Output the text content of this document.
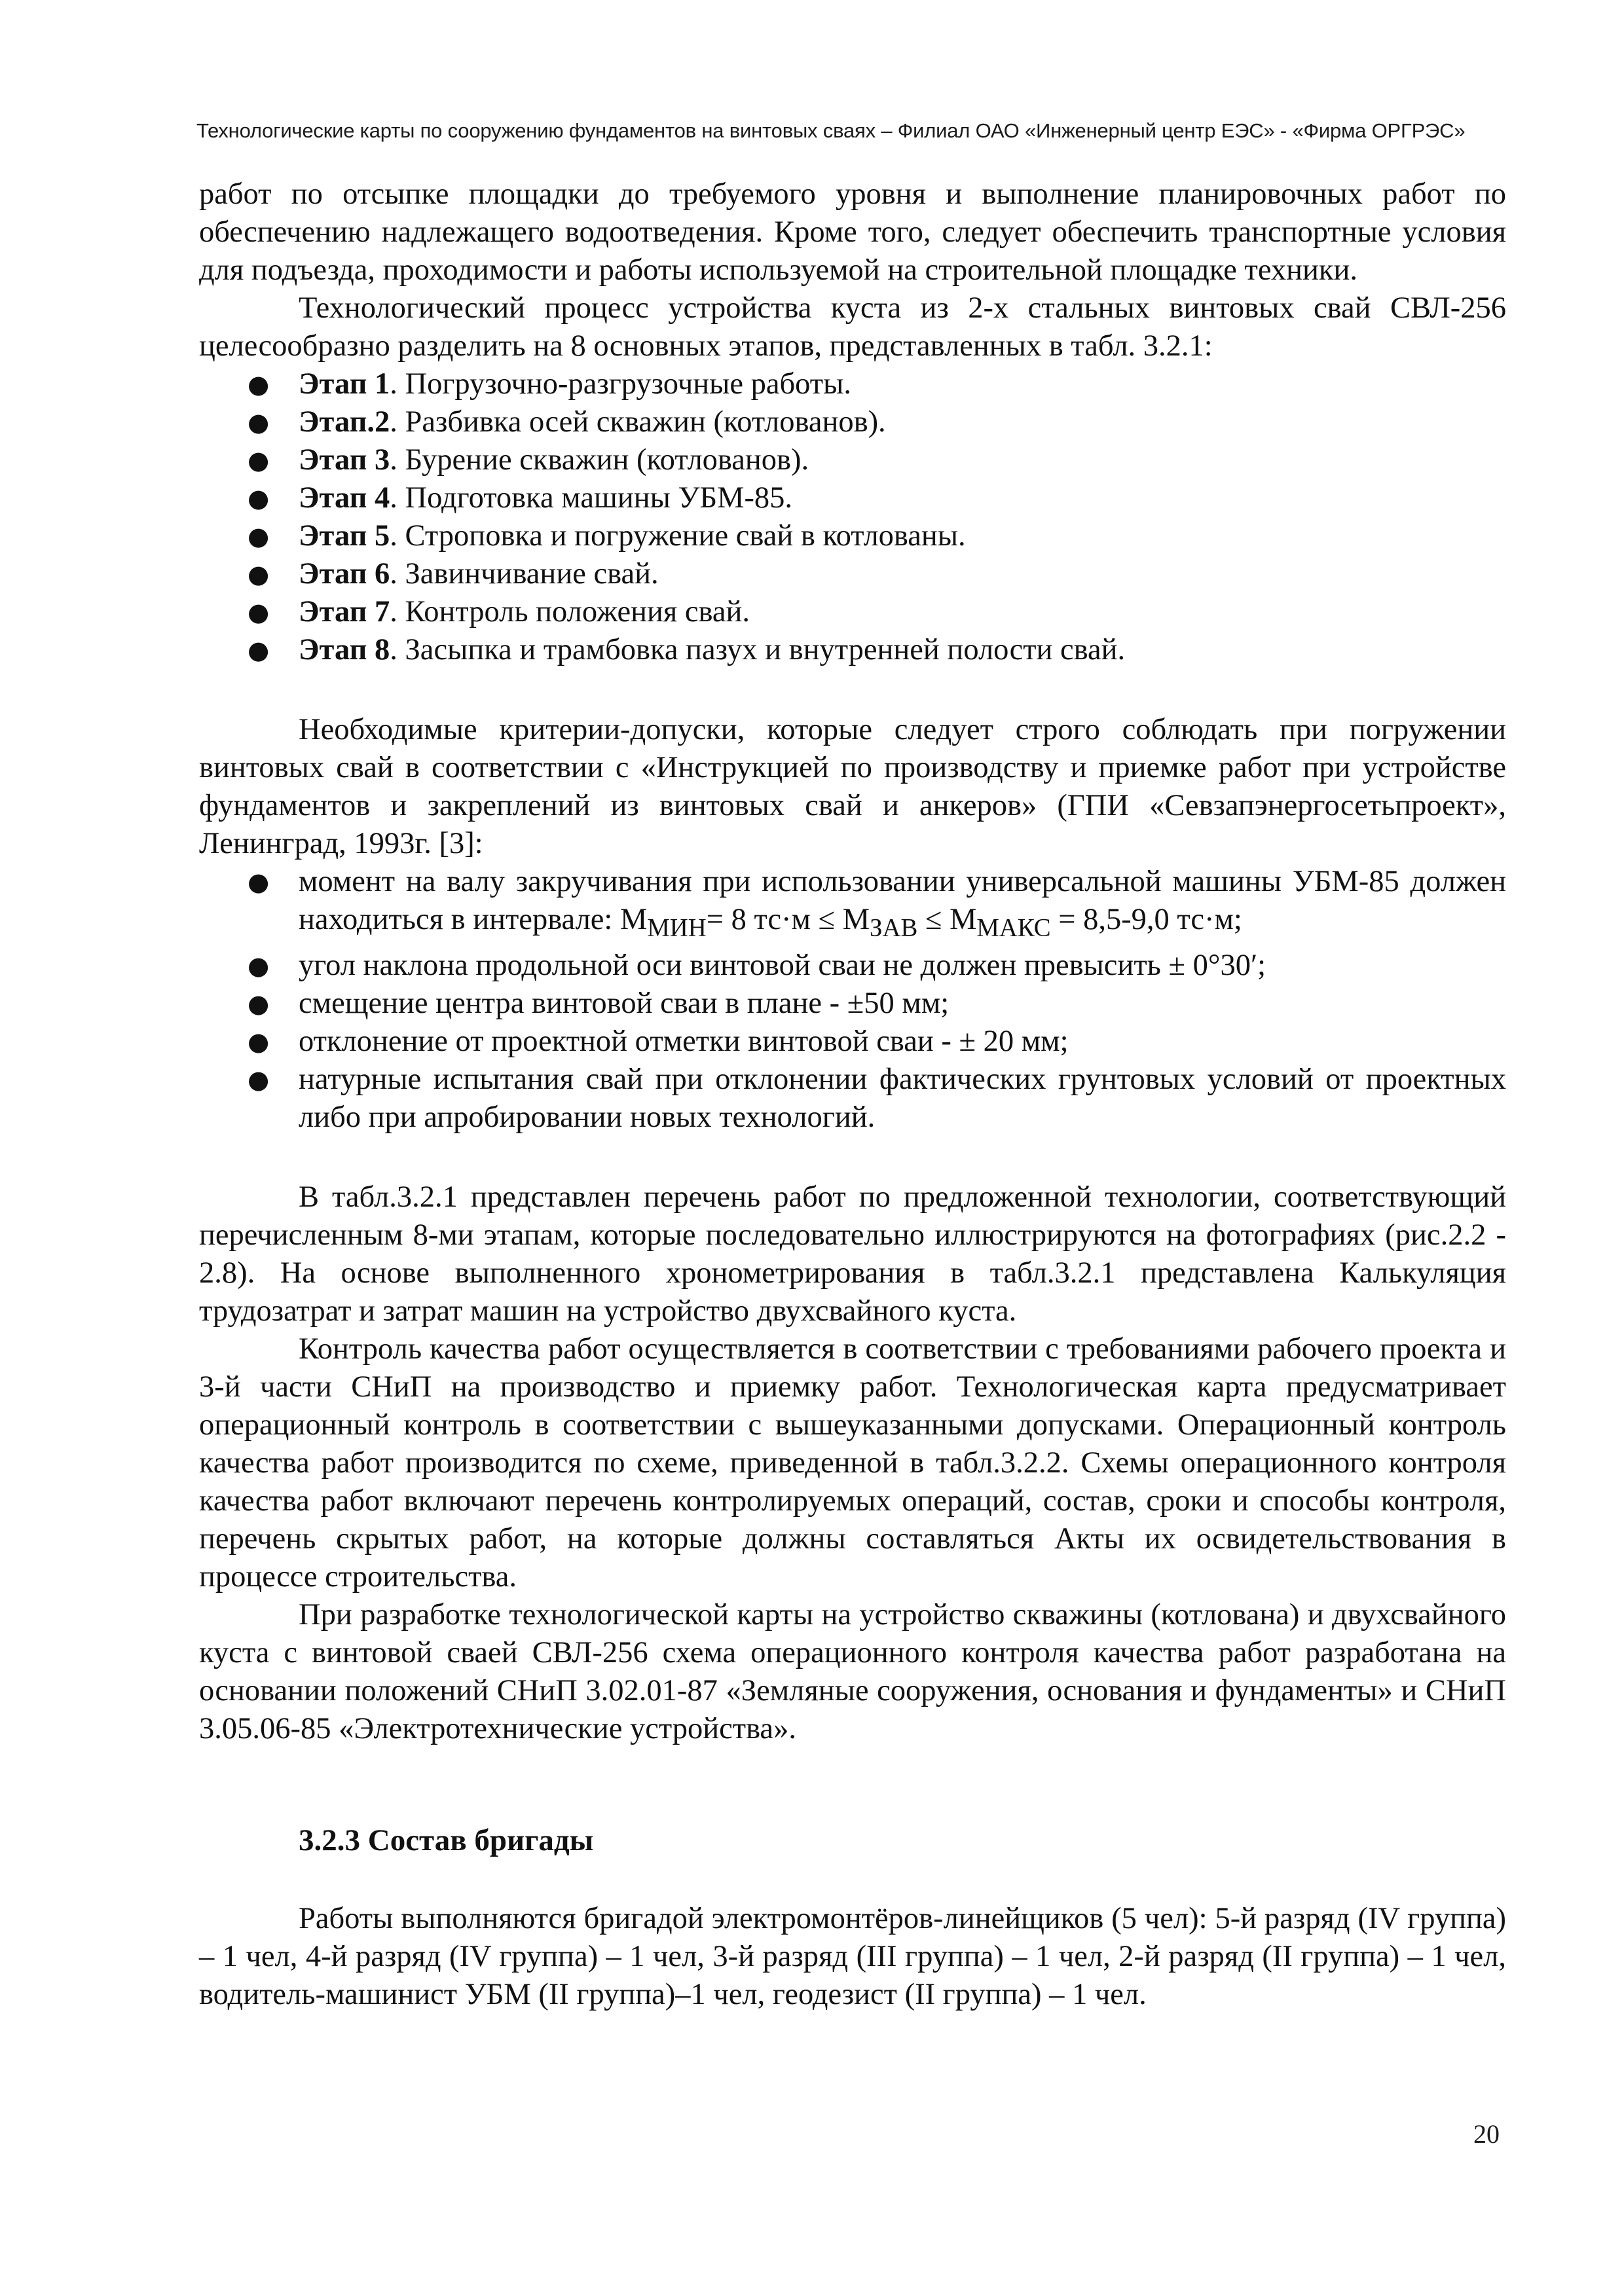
Технологические карты по сооружению фундаментов на винтовых сваях – Филиал ОАО «Инженерный центр ЕЭС» - «Фирма ОРГРЭС»

работ по отсыпке площадки до требуемого уровня и выполнение планировочных работ по обеспечению надлежащего водоотведения. Кроме того, следует обеспечить транспортные условия для подъезда, проходимости и работы используемой на строительной площадке техники.

Технологический процесс устройства куста из 2-х стальных винтовых свай СВЛ-256 целесообразно разделить на 8 основных этапов, представленных в табл. 3.2.1:

● Этап 1. Погрузочно-разгрузочные работы.
● Этап.2. Разбивка осей скважин (котлованов).
● Этап 3. Бурение скважин (котлованов).
● Этап 4. Подготовка машины УБМ-85.
● Этап 5. Строповка и погружение свай в котлованы.
● Этап 6. Завинчивание свай.
● Этап 7. Контроль положения свай.
● Этап 8. Засыпка и трамбовка пазух и внутренней полости свай.

Необходимые критерии-допуски, которые следует строго соблюдать при погружении винтовых свай в соответствии с «Инструкцией по производству и приемке работ при устройстве фундаментов и закреплений из винтовых свай и анкеров» (ГПИ «Севзапэнергосетьпроект», Ленинград, 1993г. [3]:

● момент на валу закручивания при использовании универсальной машины УБМ-85 должен находиться в интервале: $М_{МИН}= 8$ $тс\cdot м \le М_{ЗАВ} \le М_{МАКС} = 8,5-9,0$ тс·м;
● угол наклона продольной оси винтовой сваи не должен превысить ± 0°30′;
● смещение центра винтовой сваи в плане - ±50 мм;
● отклонение от проектной отметки винтовой сваи - ± 20 мм;
● натурные испытания свай при отклонении фактических грунтовых условий от проектных либо при апробировании новых технологий.

В табл.3.2.1 представлен перечень работ по предложенной технологии, соответствующий перечисленным 8-ми этапам, которые последовательно иллюстрируются на фотографиях (рис.2.2 - 2.8). На основе выполненного хронометрирования в табл.3.2.1 представлена Калькуляция трудозатрат и затрат машин на устройство двухсвайного куста.

Контроль качества работ осуществляется в соответствии с требованиями рабочего проекта и 3-й части СНиП на производство и приемку работ. Технологическая карта предусматривает операционный контроль в соответствии с вышеуказанными допусками. Операционный контроль качества работ производится по схеме, приведенной в табл.3.2.2. Схемы операционного контроля качества работ включают перечень контролируемых операций, состав, сроки и способы контроля, перечень скрытых работ, на которые должны составляться Акты их освидетельствования в процессе строительства.

При разработке технологической карты на устройство скважины (котлована) и двухсвайного куста с винтовой сваей СВЛ-256 схема операционного контроля качества работ разработана на основании положений СНиП 3.02.01-87 «Земляные сооружения, основания и фундаменты» и СНиП 3.05.06-85 «Электротехнические устройства».

3.2.3 Состав бригады

Работы выполняются бригадой электромонтёров-линейщиков (5 чел): 5-й разряд (IV группа) – 1 чел, 4-й разряд (IV группа) – 1 чел, 3-й разряд (III группа) – 1 чел, 2-й разряд (II группа) – 1 чел, водитель-машинист УБМ (II группа)–1 чел, геодезист (II группа) – 1 чел.

20
